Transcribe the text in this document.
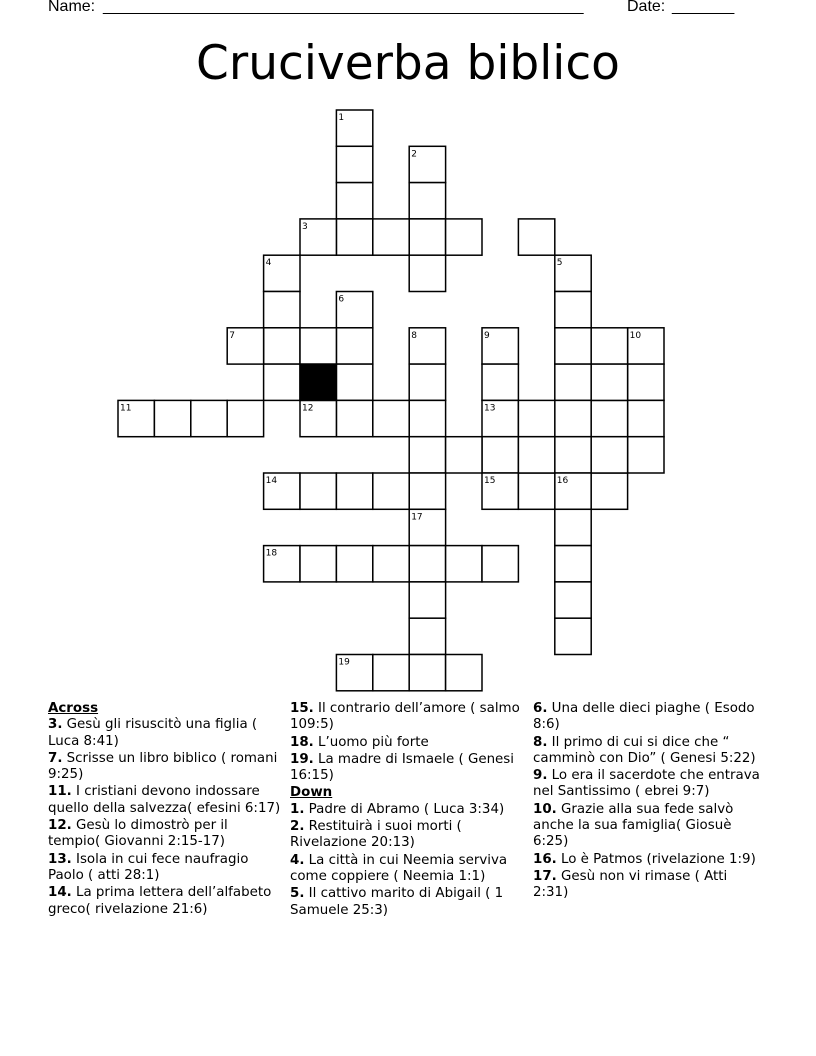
Name: ______________________________________________________	Date: _______
Cruciverba biblico
1
2
3
4	5
6
7	8	9	10
11	12	13
14	15	16
17
18
19
Across
3. Gesù gli risuscitò una figlia ( Luca 8:41)
7. Scrisse un libro biblico ( romani 9:25)
11. I cristiani devono indossare quello della salvezza( efesini 6:17)
12. Gesù lo dimostrò per il tempio( Giovanni 2:15-17)
13. Isola in cui fece naufragio Paolo ( atti 28:1)
14. La prima lettera dell’alfabeto greco( rivelazione 21:6)
15. Il contrario dell’amore ( salmo 109:5)
18. L’uomo più forte
19. La madre di Ismaele ( Genesi 16:15)
Down
1. Padre di Abramo ( Luca 3:34)
2. Restituirà i suoi morti ( Rivelazione 20:13)
4. La città in cui Neemia serviva come coppiere ( Neemia 1:1)
5. Il cattivo marito di Abigail ( 1 Samuele 25:3)
6. Una delle dieci piaghe ( Esodo 8:6)
8. Il primo di cui si dice che “ camminò con Dio” ( Genesi 5:22)
9. Lo era il sacerdote che entrava nel Santissimo ( ebrei 9:7)
10. Grazie alla sua fede salvò anche la sua famiglia( Giosuè 6:25)
16. Lo è Patmos (rivelazione 1:9)
17. Gesù non vi rimase ( Atti 2:31)
